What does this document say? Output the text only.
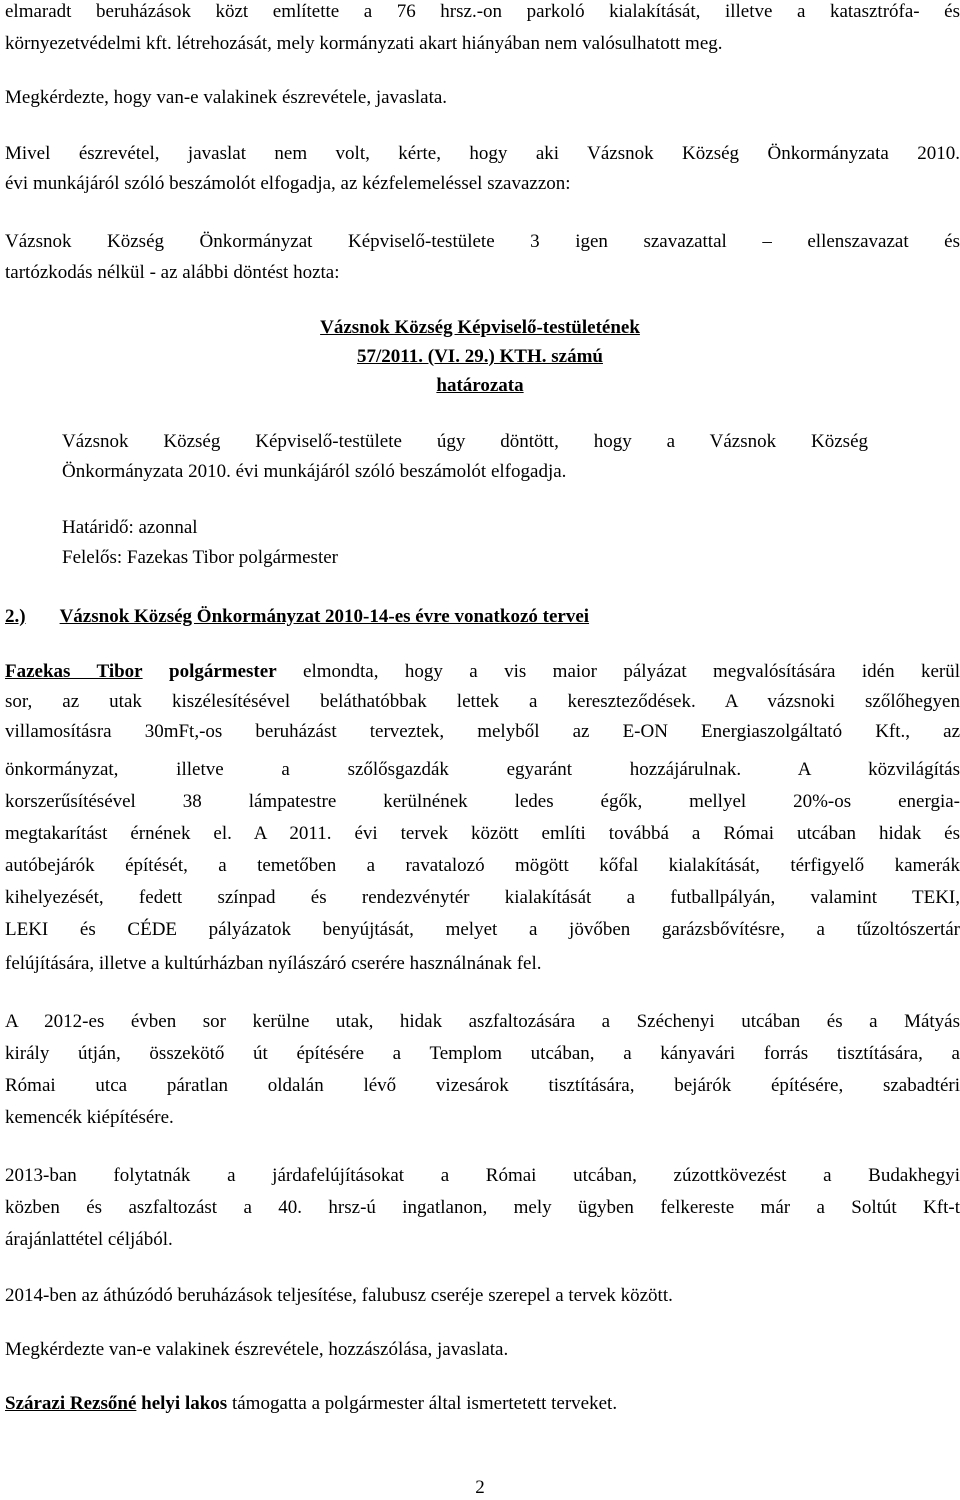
elmaradt beruházások közt említette a 76 hrsz.-on parkoló kialakítását, illetve a katasztrófa- és
környezetvédelmi kft. létrehozását, mely kormányzati akart hiányában nem valósulhatott meg.
Megkérdezte, hogy van-e valakinek észrevétele, javaslata.
Mivel észrevétel, javaslat nem volt, kérte, hogy aki Vázsnok Község Önkormányzata 2010.
évi munkájáról szóló beszámolót elfogadja, az kézfelemeléssel szavazzon:
Vázsnok Község Önkormányzat Képviselő-testülete 3 igen szavazattal – ellenszavazat és
tartózkodás nélkül - az alábbi döntést hozta:
Vázsnok Község Képviselő-testületének
57/2011. (VI. 29.) KTH. számú
határozata
Vázsnok Község Képviselő-testülete úgy döntött, hogy a Vázsnok Község
Önkormányzata 2010. évi munkájáról szóló beszámolót elfogadja.
Határidő: azonnal
Felelős: Fazekas Tibor polgármester
2.) Vázsnok Község Önkormányzat 2010-14-es évre vonatkozó tervei
Fazekas Tibor polgármester elmondta, hogy a vis maior pályázat megvalósítására idén kerül
sor, az utak kiszélesítésével beláthatóbbak lettek a kereszteződések. A vázsnoki szőlőhegyen
villamosításra 30mFt,-os beruházást terveztek, melyből az E-ON Energiaszolgáltató Kft., az
önkormányzat, illetve a szőlősgazdák egyaránt hozzájárulnak. A közvilágítás
korszerűsítésével 38 lámpatestre kerülnének ledes égők, mellyel 20%-os energia-
megtakarítást érnének el. A 2011. évi tervek között említi továbbá a Római utcában hidak és
autóbejárók építését, a temetőben a ravatalozó mögött kőfal kialakítását, térfigyelő kamerák
kihelyezését, fedett színpad és rendezvénytér kialakítását a futballpályán, valamint TEKI,
LEKI és CÉDE pályázatok benyújtását, melyet a jövőben garázsbővítésre, a tűzoltószertár
felújítására, illetve a kultúrházban nyílászáró cserére használnának fel.
A 2012-es évben sor kerülne utak, hidak aszfaltozására a Széchenyi utcában és a Mátyás
király útján, összekötő út építésére a Templom utcában, a kányavári forrás tisztítására, a
Római utca páratlan oldalán lévő vizesárok tisztítására, bejárók építésére, szabadtéri
kemencék kiépítésére.
2013-ban folytatnák a járdafelújításokat a Római utcában, zúzottkövezést a Budakhegyi
közben és aszfaltozást a 40. hrsz-ú ingatlanon, mely ügyben felkereste már a Soltút Kft-t
árajánlattétel céljából.
2014-ben az áthúzódó beruházások teljesítése, falubusz cseréje szerepel a tervek között.
Megkérdezte van-e valakinek észrevétele, hozzászólása, javaslata.
Szárazi Rezsőné helyi lakos támogatta a polgármester által ismertetett terveket.
2
